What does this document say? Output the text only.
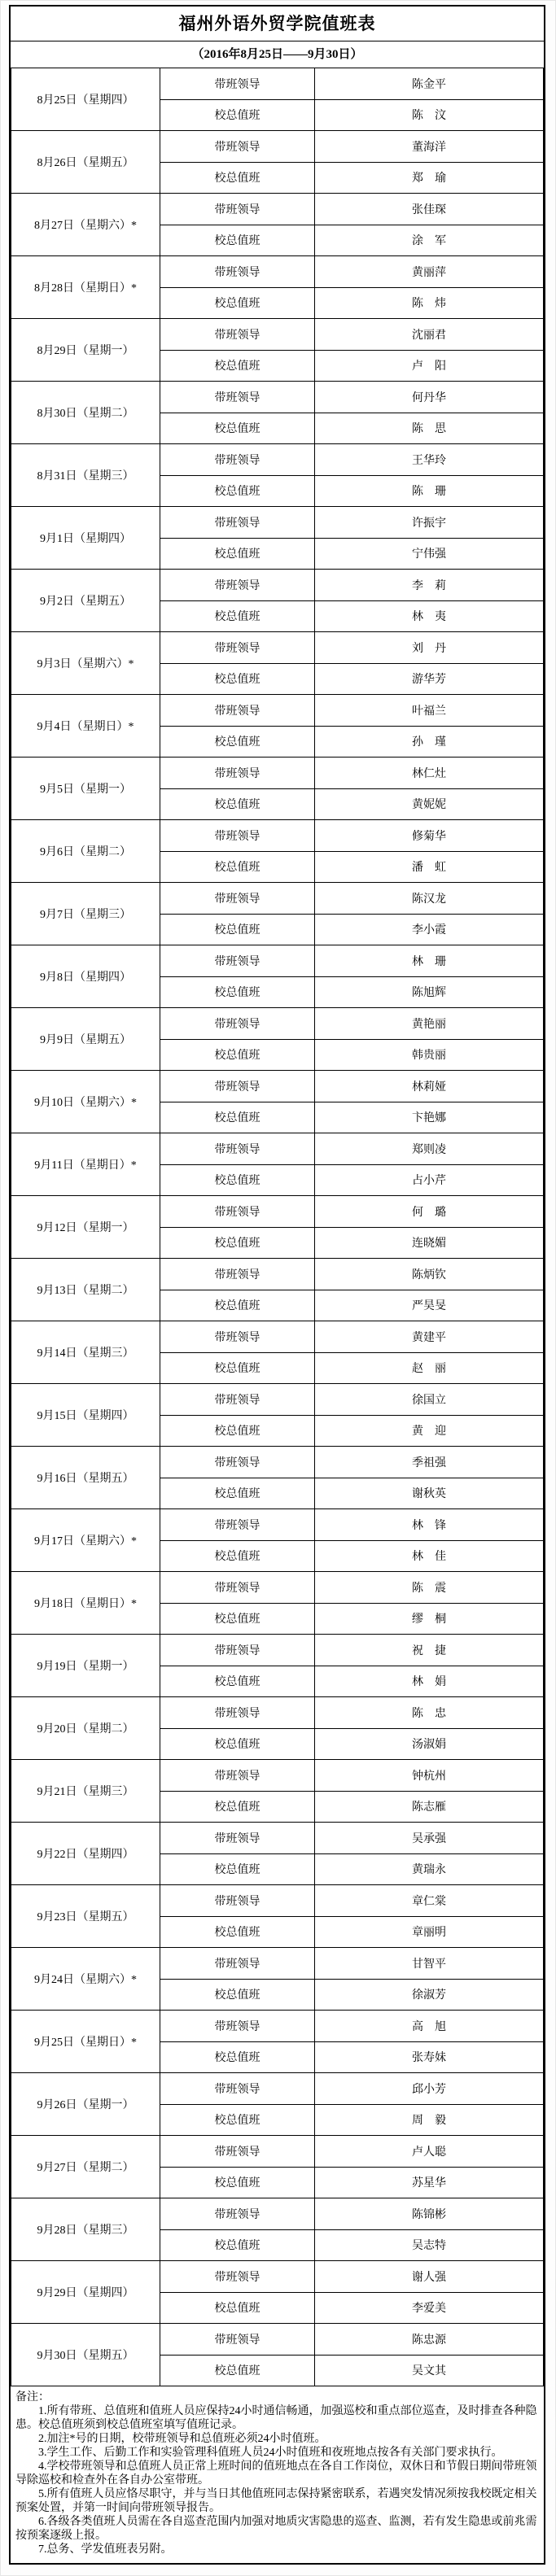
福州外语外贸学院值班表
（2016年8月25日——9月30日）
8月25日（星期四）	带班领导	陈金平
	校总值班	陈　汶
8月26日（星期五）	带班领导	董海洋
	校总值班	郑　瑜
8月27日（星期六）*	带班领导	张佳琛
	校总值班	涂　军
8月28日（星期日）*	带班领导	黄丽萍
	校总值班	陈　炜
8月29日（星期一）	带班领导	沈丽君
	校总值班	卢　阳
8月30日（星期二）	带班领导	何丹华
	校总值班	陈　思
8月31日（星期三）	带班领导	王华玲
	校总值班	陈　珊
9月1日（星期四）	带班领导	许振宇
	校总值班	宁伟强
9月2日（星期五）	带班领导	李　莉
	校总值班	林　夷
9月3日（星期六）*	带班领导	刘　丹
	校总值班	游华芳
9月4日（星期日）*	带班领导	叶福兰
	校总值班	孙　瑾
9月5日（星期一）	带班领导	林仁灶
	校总值班	黄妮妮
9月6日（星期二）	带班领导	修菊华
	校总值班	潘　虹
9月7日（星期三）	带班领导	陈汉龙
	校总值班	李小霞
9月8日（星期四）	带班领导	林　珊
	校总值班	陈旭辉
9月9日（星期五）	带班领导	黄艳丽
	校总值班	韩贵丽
9月10日（星期六）*	带班领导	林莉娅
	校总值班	卞艳娜
9月11日（星期日）*	带班领导	郑则凌
	校总值班	占小芹
9月12日（星期一）	带班领导	何　璐
	校总值班	连晓媚
9月13日（星期二）	带班领导	陈炳钦
	校总值班	严昊旻
9月14日（星期三）	带班领导	黄建平
	校总值班	赵　丽
9月15日（星期四）	带班领导	徐国立
	校总值班	黄　迎
9月16日（星期五）	带班领导	季祖强
	校总值班	谢秋英
9月17日（星期六）*	带班领导	林　锋
	校总值班	林　佳
9月18日（星期日）*	带班领导	陈　震
	校总值班	缪　桐
9月19日（星期一）	带班领导	祝　捷
	校总值班	林　娟
9月20日（星期二）	带班领导	陈　忠
	校总值班	汤淑娟
9月21日（星期三）	带班领导	钟杭州
	校总值班	陈志雁
9月22日（星期四）	带班领导	吴承强
	校总值班	黄瑞永
9月23日（星期五）	带班领导	章仁棠
	校总值班	章丽明
9月24日（星期六）*	带班领导	甘智平
	校总值班	徐淑芳
9月25日（星期日）*	带班领导	高　旭
	校总值班	张寿妹
9月26日（星期一）	带班领导	邱小芳
	校总值班	周　毅
9月27日（星期二）	带班领导	卢人聪
	校总值班	苏星华
9月28日（星期三）	带班领导	陈锦彬
	校总值班	吴志特
9月29日（星期四）	带班领导	谢人强
	校总值班	李爱美
9月30日（星期五）	带班领导	陈忠源
	校总值班	吴文其

备注：

1.所有带班、总值班和值班人员应保持24小时通信畅通，加强巡校和重点部位巡查，及时排查各种隐患。校总值班须到校总值班室填写值班记录。

2.加注*号的日期，校带班领导和总值班必须24小时值班。

3.学生工作、后勤工作和实验管理科值班人员24小时值班和夜班地点按各有关部门要求执行。

4.学校带班领导和总值班人员正常上班时间的值班地点在各自工作岗位，双休日和节假日期间带班领导除巡校和检查外在各自办公室带班。

5.所有值班人员应恪尽职守，并与当日其他值班同志保持紧密联系，若遇突发情况须按我校既定相关预案处置，并第一时间向带班领导报告。

6.各级各类值班人员需在各自巡查范围内加强对地质灾害隐患的巡查、监测，若有发生隐患或前兆需按预案逐级上报。

7.总务、学发值班表另附。
